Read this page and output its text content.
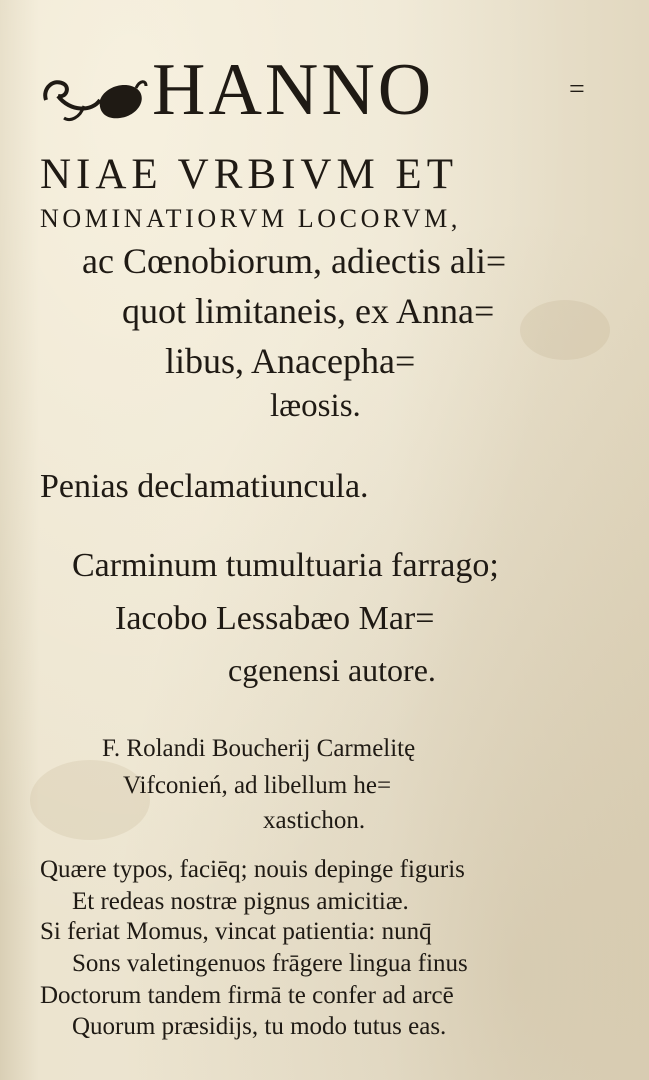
HANNO	=
NIAE VRBIVM ET
NOMINATIORVM LOCORVM,
ac Cœnobiorum, adiectis ali=
quot limitaneis, ex Anna=
libus, Anacepha=
læosis.
Penias declamatiuncula.
Carminum tumultuaria farrago;
Iacobo Lessabæo Mar=
cgenensi autore.
F. Rolandi Boucherij Carmelitę
Vifconień, ad libellum he=
xastichon.
Quære typos, faciēq; nouis depinge figuris
Et redeas nostræ pignus amicitiæ.
Si feriat Momus, vincat patientia: nunq̄
Sons valetingenuos frāgere lingua finus
Doctorum tandem firmā te confer ad arcē
Quorum præsidijs, tu modo tutus eas.
